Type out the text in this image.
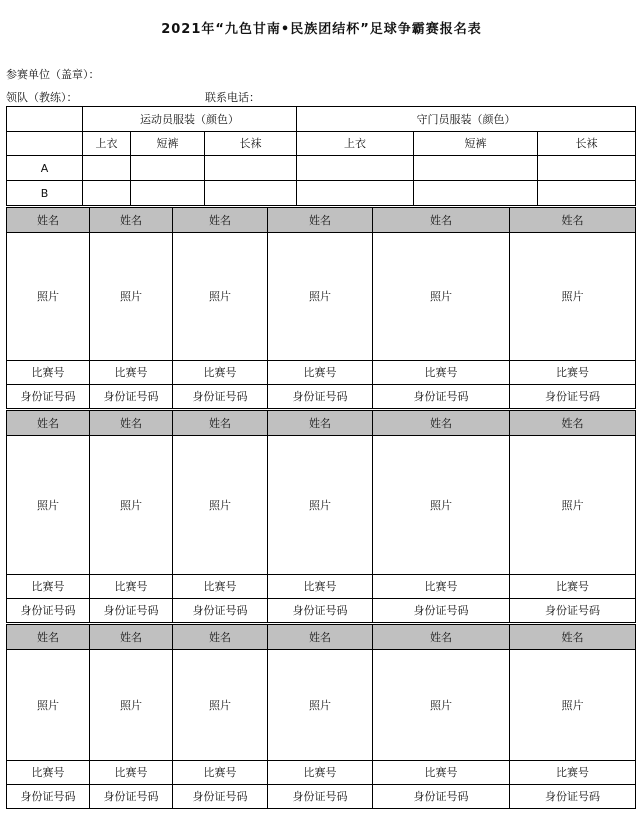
2021年“九色甘南•民族团结杯”足球争霸赛报名表
参赛单位（盖章）：
领队（教练）：	联系电话：
	运动员服装（颜色）			守门员服装（颜色）		
	上衣	短裤	长袜	上衣	短裤	长袜
A						
B						
姓名	姓名	姓名	姓名	姓名	姓名
照片	照片	照片	照片	照片	照片
比赛号	比赛号	比赛号	比赛号	比赛号	比赛号
身份证号码	身份证号码	身份证号码	身份证号码	身份证号码	身份证号码
姓名	姓名	姓名	姓名	姓名	姓名
照片	照片	照片	照片	照片	照片
比赛号	比赛号	比赛号	比赛号	比赛号	比赛号
身份证号码	身份证号码	身份证号码	身份证号码	身份证号码	身份证号码
姓名	姓名	姓名	姓名	姓名	姓名
照片	照片	照片	照片	照片	照片
比赛号	比赛号	比赛号	比赛号	比赛号	比赛号
身份证号码	身份证号码	身份证号码	身份证号码	身份证号码	身份证号码
